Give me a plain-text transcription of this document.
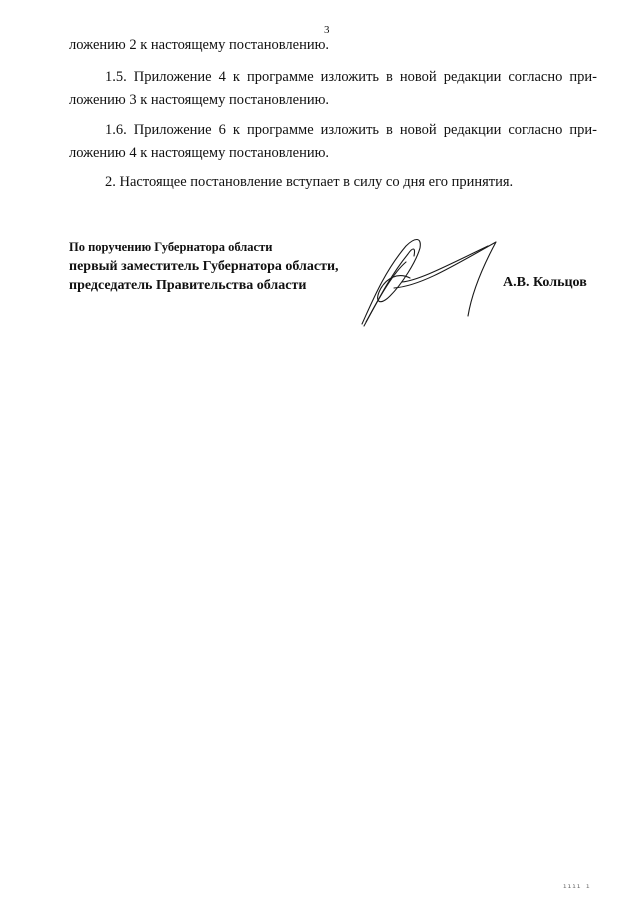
3
ложению 2 к настоящему постановлению.
1.5. Приложение 4 к программе изложить в новой редакции согласно при-
ложению 3 к настоящему постановлению.
1.6. Приложение 6 к программе изложить в новой редакции согласно при-
ложению 4 к настоящему постановлению.
2. Настоящее постановление вступает в силу со дня его принятия.
По поручению Губернатора области
первый заместитель Губернатора области,
председатель Правительства области	А.В. Кольцов
ıııı ı
